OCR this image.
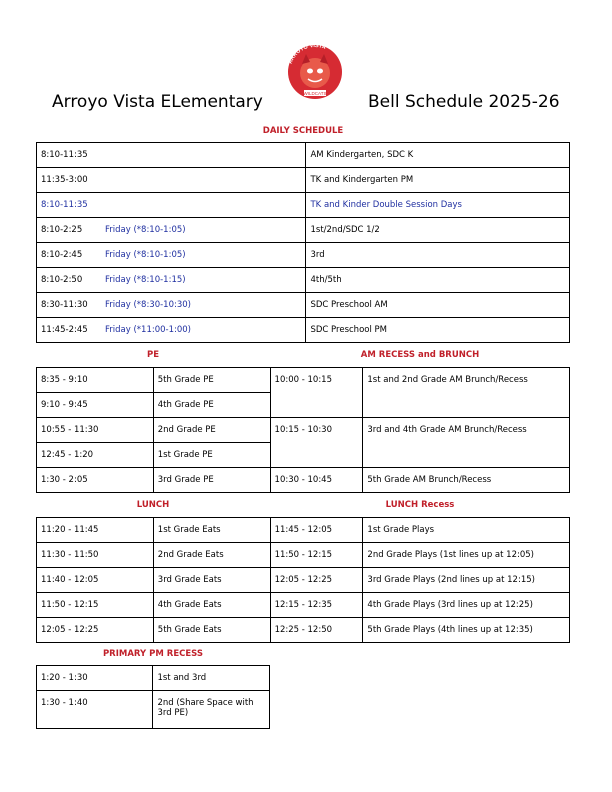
Arroyo Vista ELementary
ARROYO VISTA
WILDCATS Bell Schedule 2025-26
DAILY SCHEDULE
8:10-11:35	AM Kindergarten, SDC K
11:35-3:00	TK and Kindergarten PM
8:10-11:35	TK and Kinder Double Session Days
8:10-2:25 Friday (*8:10-1:05)	1st/2nd/SDC 1/2
8:10-2:45 Friday (*8:10-1:05)	3rd
8:10-2:50 Friday (*8:10-1:15)	4th/5th
8:30-11:30 Friday (*8:30-10:30)	SDC Preschool AM
11:45-2:45 Friday (*11:00-1:00)	SDC Preschool PM
PE	AM RECESS and BRUNCH
8:35 - 9:10	5th Grade PE	10:00 - 10:15	1st and 2nd Grade AM Brunch/Recess
9:10 - 9:45	4th Grade PE		
10:55 - 11:30	2nd Grade PE	10:15 - 10:30	3rd and 4th Grade AM Brunch/Recess
12:45 - 1:20	1st Grade PE		
1:30 - 2:05	3rd Grade PE	10:30 - 10:45	5th Grade AM Brunch/Recess
LUNCH	LUNCH Recess
11:20 - 11:45	1st Grade Eats	11:45 - 12:05	1st Grade Plays
11:30 - 11:50	2nd Grade Eats	11:50 - 12:15	2nd Grade Plays (1st lines up at 12:05)
11:40 - 12:05	3rd Grade Eats	12:05 - 12:25	3rd Grade Plays (2nd lines up at 12:15)
11:50 - 12:15	4th Grade Eats	12:15 - 12:35	4th Grade Plays (3rd lines up at 12:25)
12:05 - 12:25	5th Grade Eats	12:25 - 12:50	5th Grade Plays (4th lines up at 12:35)
PRIMARY PM RECESS
1:20 - 1:30	1st and 3rd
1:30 - 1:40	2nd (Share Space with 3rd PE)
